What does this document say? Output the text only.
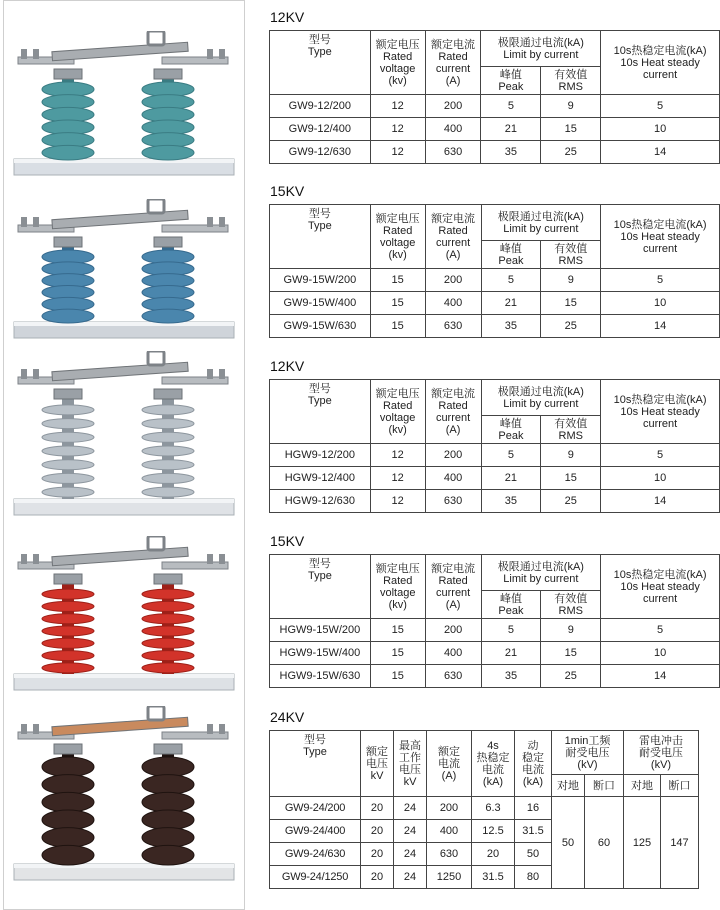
12KV
型号
Type	额定电压
Rated
voltage
(kv)	额定电流
Rated
current
(A)	极限通过电流(kA)
Limit by current		10s热稳定电流(kA)
10s Heat steady
current
			峰值
Peak	有效值
RMS	
GW9-12/200	12	200	5	9	5
GW9-12/400	12	400	21	15	10
GW9-12/630	12	630	35	25	14
15KV
型号
Type	额定电压
Rated
voltage
(kv)	额定电流
Rated
current
(A)	极限通过电流(kA)
Limit by current		10s热稳定电流(kA)
10s Heat steady
current
			峰值
Peak	有效值
RMS	
GW9-15W/200	15	200	5	9	5
GW9-15W/400	15	400	21	15	10
GW9-15W/630	15	630	35	25	14
12KV
型号
Type	额定电压
Rated
voltage
(kv)	额定电流
Rated
current
(A)	极限通过电流(kA)
Limit by current		10s热稳定电流(kA)
10s Heat steady
current
			峰值
Peak	有效值
RMS	
HGW9-12/200	12	200	5	9	5
HGW9-12/400	12	400	21	15	10
HGW9-12/630	12	630	35	25	14
15KV
型号
Type	额定电压
Rated
voltage
(kv)	额定电流
Rated
current
(A)	极限通过电流(kA)
Limit by current		10s热稳定电流(kA)
10s Heat steady
current
			峰值
Peak	有效值
RMS	
HGW9-15W/200	15	200	5	9	5
HGW9-15W/400	15	400	21	15	10
HGW9-15W/630	15	630	35	25	14
24KV
型号
Type	额定
电压
kV	最高
工作
电压
kV	额定
电流
(A)	4s
热稳定
电流
(kA)	动
稳定
电流
(kA)	1min工频
耐受电压
(kV)		雷电冲击
耐受电压
(kV)	
						对地	断口	对地	断口
GW9-24/200	20	24	200	6.3	16	50	60	125	147
GW9-24/400	20	24	400	12.5	31.5				
GW9-24/630	20	24	630	20	50				
GW9-24/1250	20	24	1250	31.5	80				
